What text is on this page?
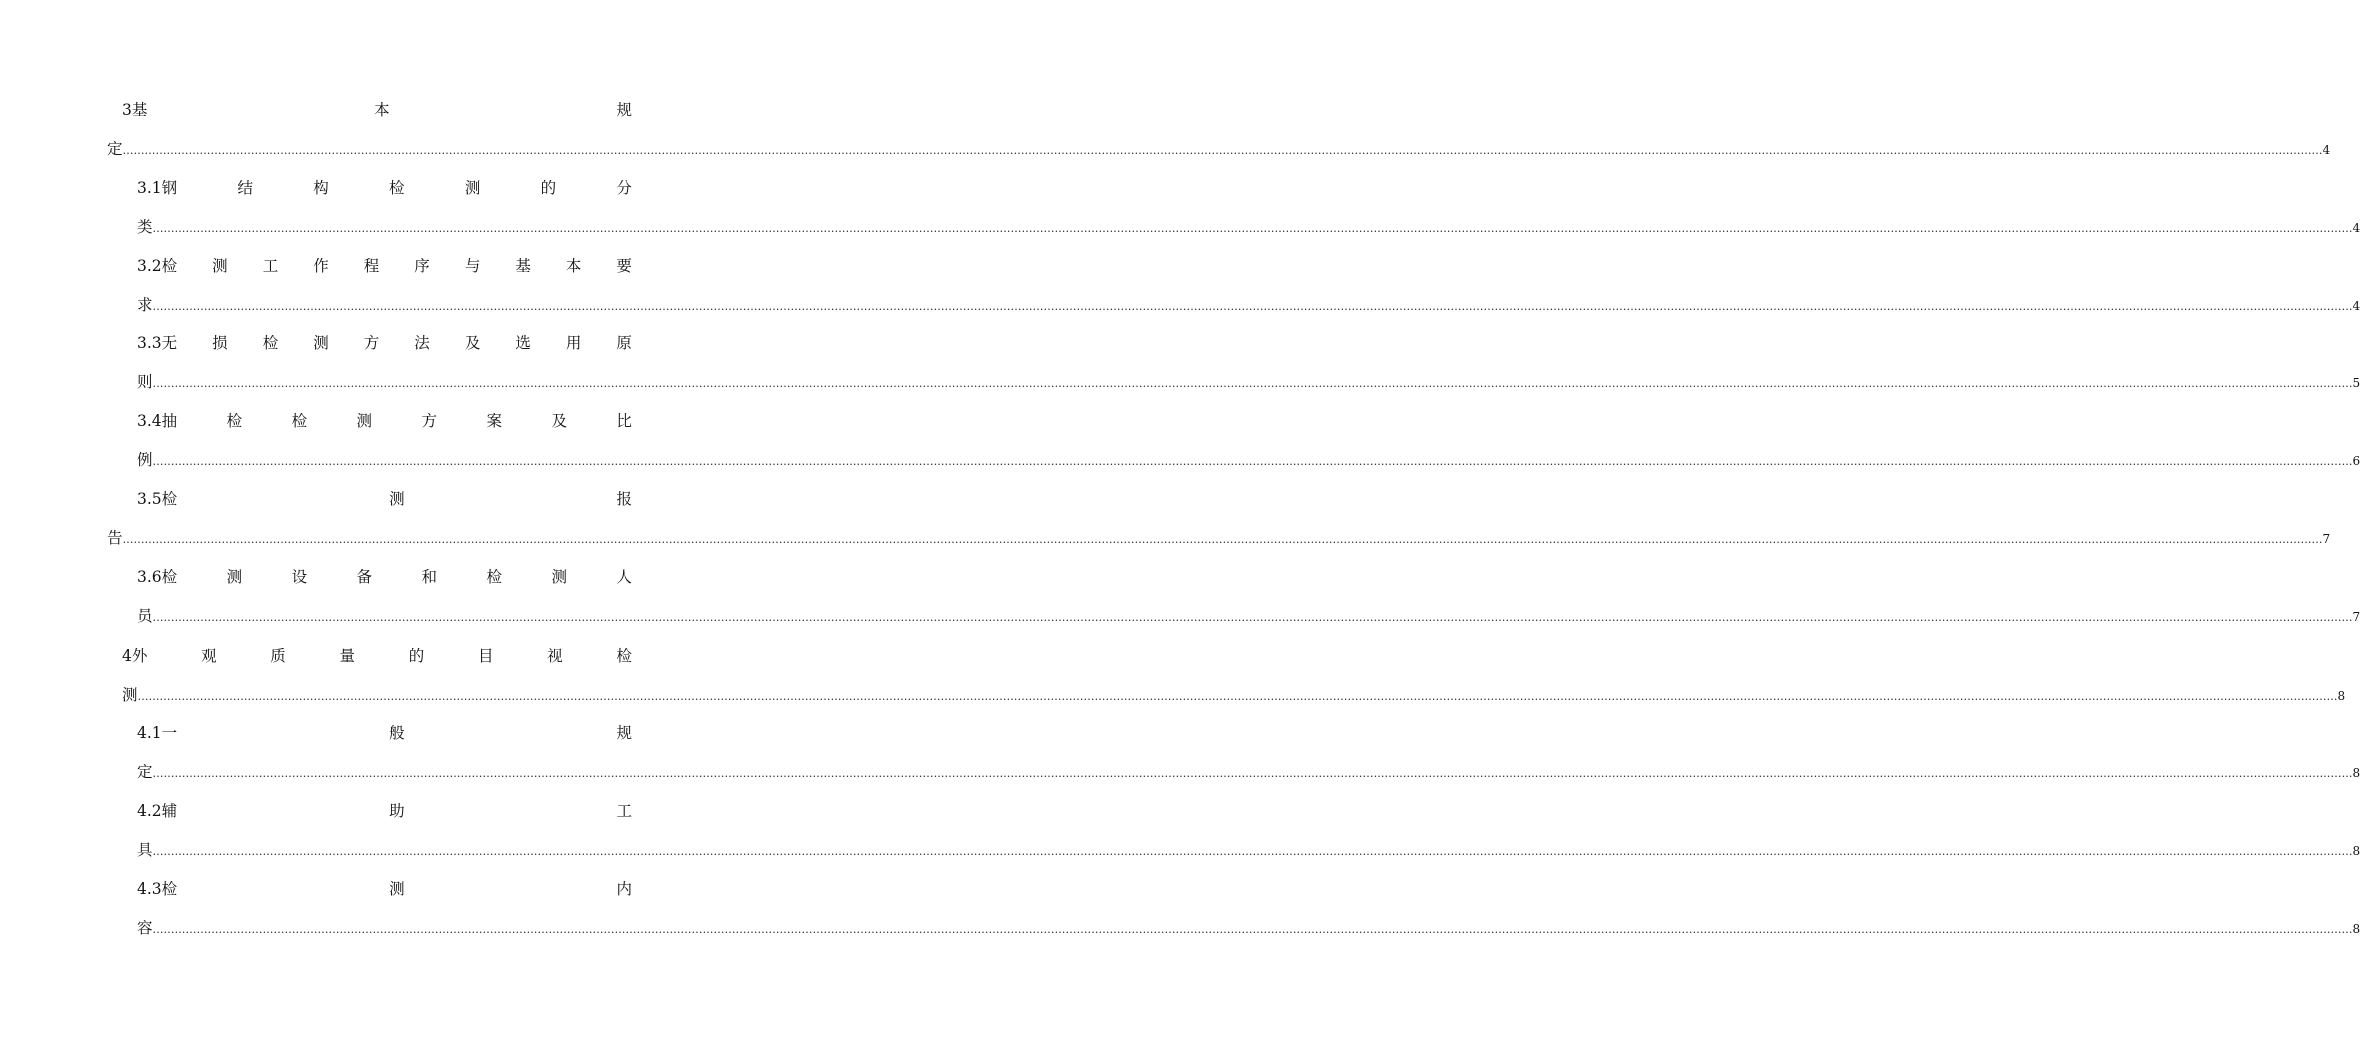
3基	本	规
定 …………………………………………………………………………………………………………………………………………………………………………………………………………………………………………………………………………………………………………………………………………………………………………………………………………………………………………………………………………………………………………………………………………………… 4
3.1钢	结	构	检	测	的	分
类 …………………………………………………………………………………………………………………………………………………………………………………………………………………………………………………………………………………………………………………………………………………………………………………………………………………………………………………………………………………………………………………………………………………… 4
3.2检 测 工 作 程 序 与 基 本 要
求 …………………………………………………………………………………………………………………………………………………………………………………………………………………………………………………………………………………………………………………………………………………………………………………………………………………………………………………………………………………………………………………………………………………… 4
3.3无 损 检 测 方 法 及 选 用 原
则 …………………………………………………………………………………………………………………………………………………………………………………………………………………………………………………………………………………………………………………………………………………………………………………………………………………………………………………………………………………………………………………………………………………… 5
3.4抽	检	检	测	方	案	及	比
例 …………………………………………………………………………………………………………………………………………………………………………………………………………………………………………………………………………………………………………………………………………………………………………………………………………………………………………………………………………………………………………………………………………………… 6
3.5检	测	报
告 …………………………………………………………………………………………………………………………………………………………………………………………………………………………………………………………………………………………………………………………………………………………………………………………………………………………………………………………………………………………………………………………………………………… 7
3.6检	测	设	备	和	检	测	人
员 …………………………………………………………………………………………………………………………………………………………………………………………………………………………………………………………………………………………………………………………………………………………………………………………………………………………………………………………………………………………………………………………………………………… 7
4外	观	质	量	的	目	视	检
测 …………………………………………………………………………………………………………………………………………………………………………………………………………………………………………………………………………………………………………………………………………………………………………………………………………………………………………………………………………………………………………………………………………………… 8
4.1一	般	规
定 …………………………………………………………………………………………………………………………………………………………………………………………………………………………………………………………………………………………………………………………………………………………………………………………………………………………………………………………………………………………………………………………………………………… 8
4.2辅	助	工
具 …………………………………………………………………………………………………………………………………………………………………………………………………………………………………………………………………………………………………………………………………………………………………………………………………………………………………………………………………………………………………………………………………………………… 8
4.3检	测	内
容 …………………………………………………………………………………………………………………………………………………………………………………………………………………………………………………………………………………………………………………………………………………………………………………………………………………………………………………………………………………………………………………………………………………… 8
